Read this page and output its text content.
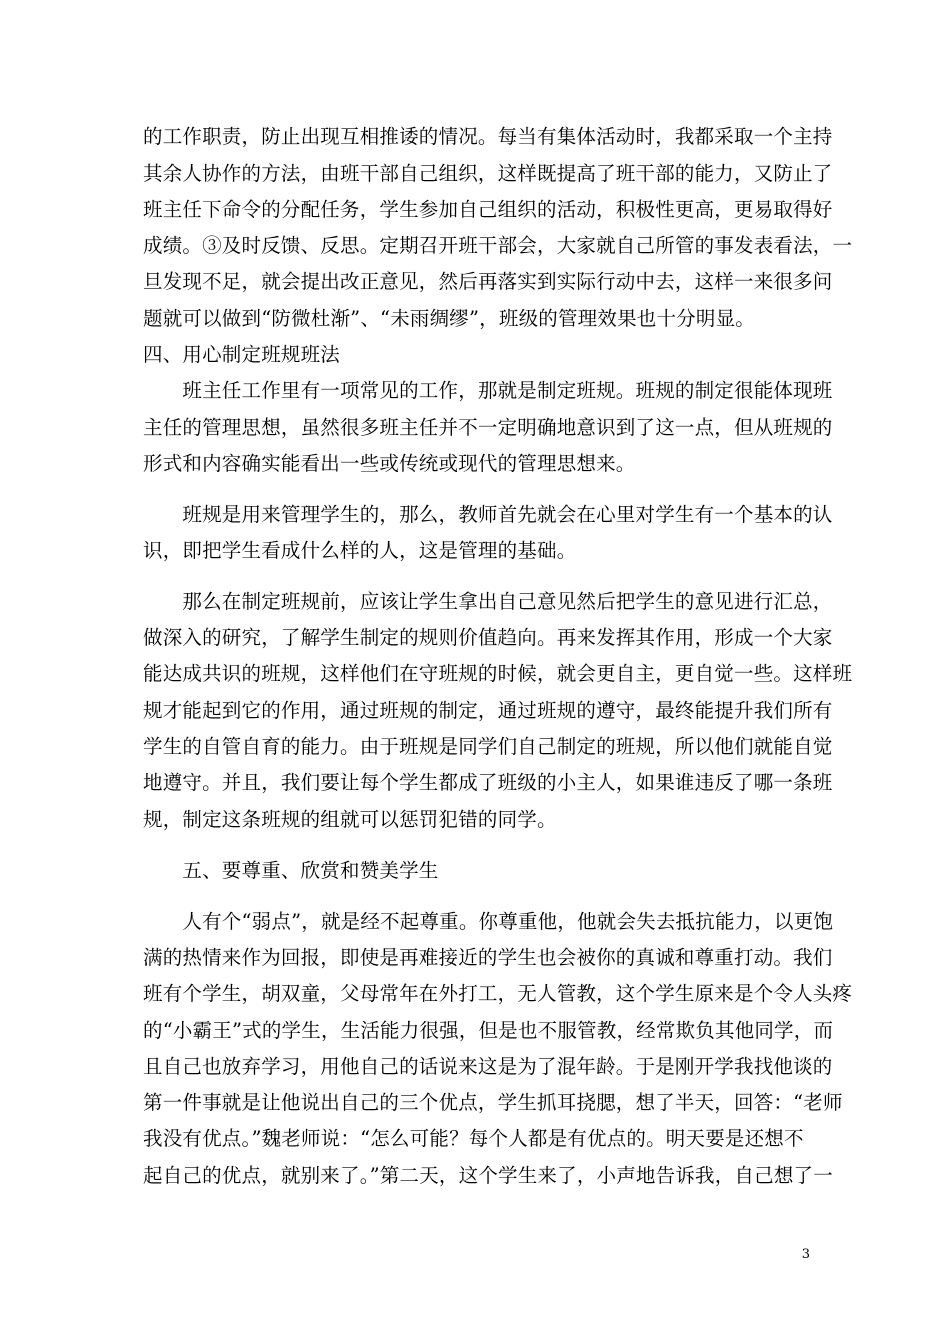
的工作职责，防止出现互相推诿的情况。每当有集体活动时，我都采取一个主持
其余人协作的方法，由班干部自己组织，这样既提高了班干部的能力，又防止了
班主任下命令的分配任务，学生参加自己组织的活动，积极性更高，更易取得好
成绩。③及时反馈、反思。定期召开班干部会，大家就自己所管的事发表看法，一
旦发现不足，就会提出改正意见，然后再落实到实际行动中去，这样一来很多问
题就可以做到“防微杜渐”、“未雨绸缪”，班级的管理效果也十分明显。
四、用心制定班规班法
　　班主任工作里有一项常见的工作，那就是制定班规。班规的制定很能体现班
主任的管理思想，虽然很多班主任并不一定明确地意识到了这一点，但从班规的
形式和内容确实能看出一些或传统或现代的管理思想来。
　　班规是用来管理学生的，那么，教师首先就会在心里对学生有一个基本的认
识，即把学生看成什么样的人，这是管理的基础。
　　那么在制定班规前，应该让学生拿出自己意见然后把学生的意见进行汇总，
做深入的研究，了解学生制定的规则价值趋向。再来发挥其作用，形成一个大家
能达成共识的班规，这样他们在守班规的时候，就会更自主，更自觉一些。这样班
规才能起到它的作用，通过班规的制定，通过班规的遵守，最终能提升我们所有
学生的自管自育的能力。由于班规是同学们自己制定的班规，所以他们就能自觉
地遵守。并且，我们要让每个学生都成了班级的小主人，如果谁违反了哪一条班
规，制定这条班规的组就可以惩罚犯错的同学。
　　五、要尊重、欣赏和赞美学生
　　人有个“弱点”，就是经不起尊重。你尊重他，他就会失去抵抗能力，以更饱
满的热情来作为回报，即使是再难接近的学生也会被你的真诚和尊重打动。我们
班有个学生，胡双童，父母常年在外打工，无人管教，这个学生原来是个令人头疼
的“小霸王”式的学生，生活能力很强，但是也不服管教，经常欺负其他同学，而
且自己也放弃学习，用他自己的话说来这是为了混年龄。于是刚开学我找他谈的
第一件事就是让他说出自己的三个优点，学生抓耳挠腮，想了半天，回答：“老师
我没有优点。”魏老师说：“怎么可能？每个人都是有优点的。明天要是还想不
起自己的优点，就别来了。”第二天，这个学生来了，小声地告诉我，自己想了一
3
